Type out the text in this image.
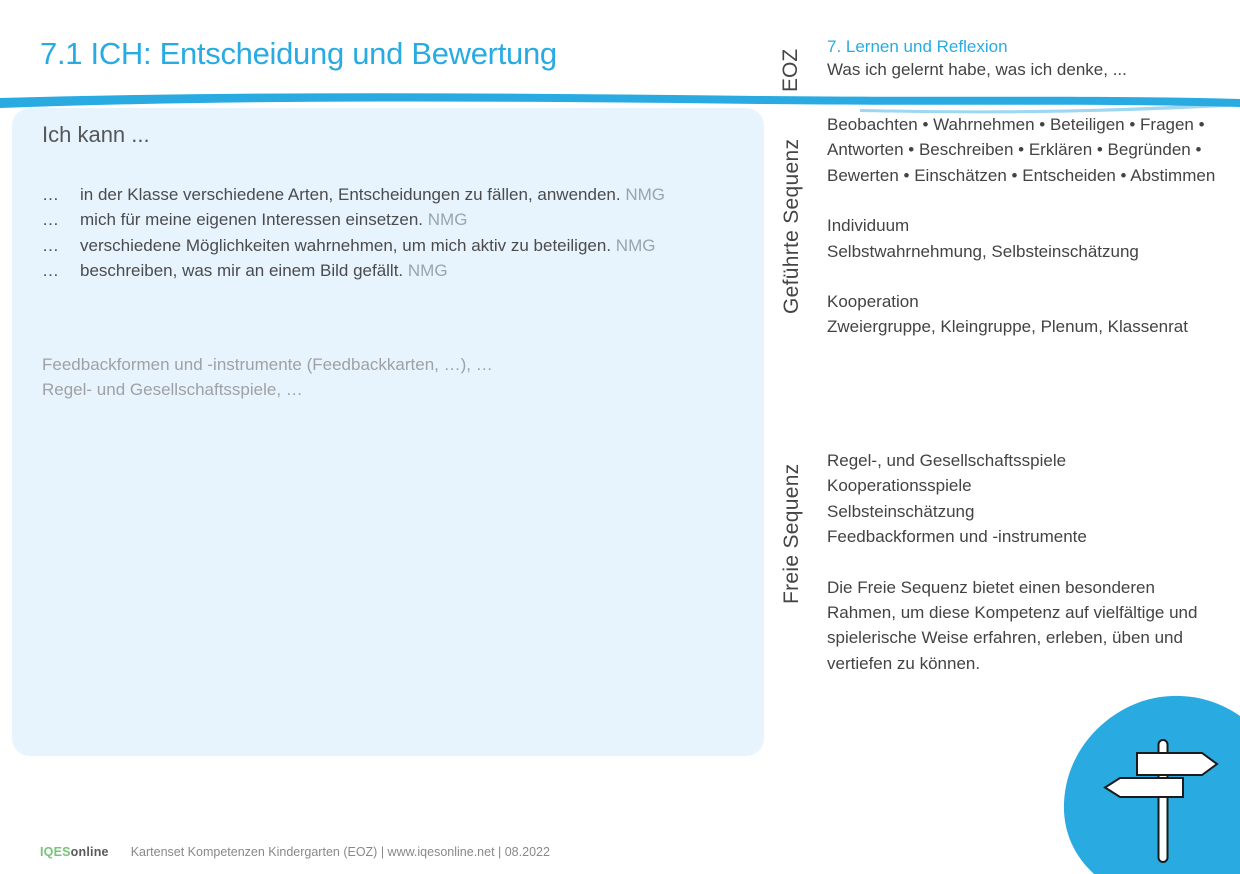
7.1 ICH: Entscheidung und Bewertung
Ich kann ...
…	in der Klasse verschiedene Arten, Entscheidungen zu fällen, anwenden. NMG
…	mich für meine eigenen Interessen einsetzen. NMG
…	verschiedene Möglichkeiten wahrnehmen, um mich aktiv zu beteiligen. NMG
…	beschreiben, was mir an einem Bild gefällt. NMG
Feedbackformen und -instrumente (Feedbackkarten, …), …
Regel- und Gesellschaftsspiele, …
EOZ

7. Lernen und Reflexion

Was ich gelernt habe, was ich denke, ...

Geführte Sequenz

Beobachten • Wahrnehmen • Beteiligen • Fragen • Antworten • Beschreiben • Erklären • Begründen • Bewerten • Einschätzen • Entscheiden • Abstimmen

Individuum

Selbstwahrnehmung, Selbsteinschätzung

Kooperation

Zweiergruppe, Kleingruppe, Plenum, Klassenrat

Freie Sequenz

Regel-, und Gesellschaftsspiele

Kooperationsspiele

Selbsteinschätzung

Feedbackformen und -instrumente

Die Freie Sequenz bietet einen besonderen Rahmen, um diese Kompetenz auf vielfältige und spielerische Weise erfahren, erleben, üben und vertiefen zu können.

IQESonline Kartenset Kompetenzen Kindergarten (EOZ) | www.iqesonline.net | 08.2022
